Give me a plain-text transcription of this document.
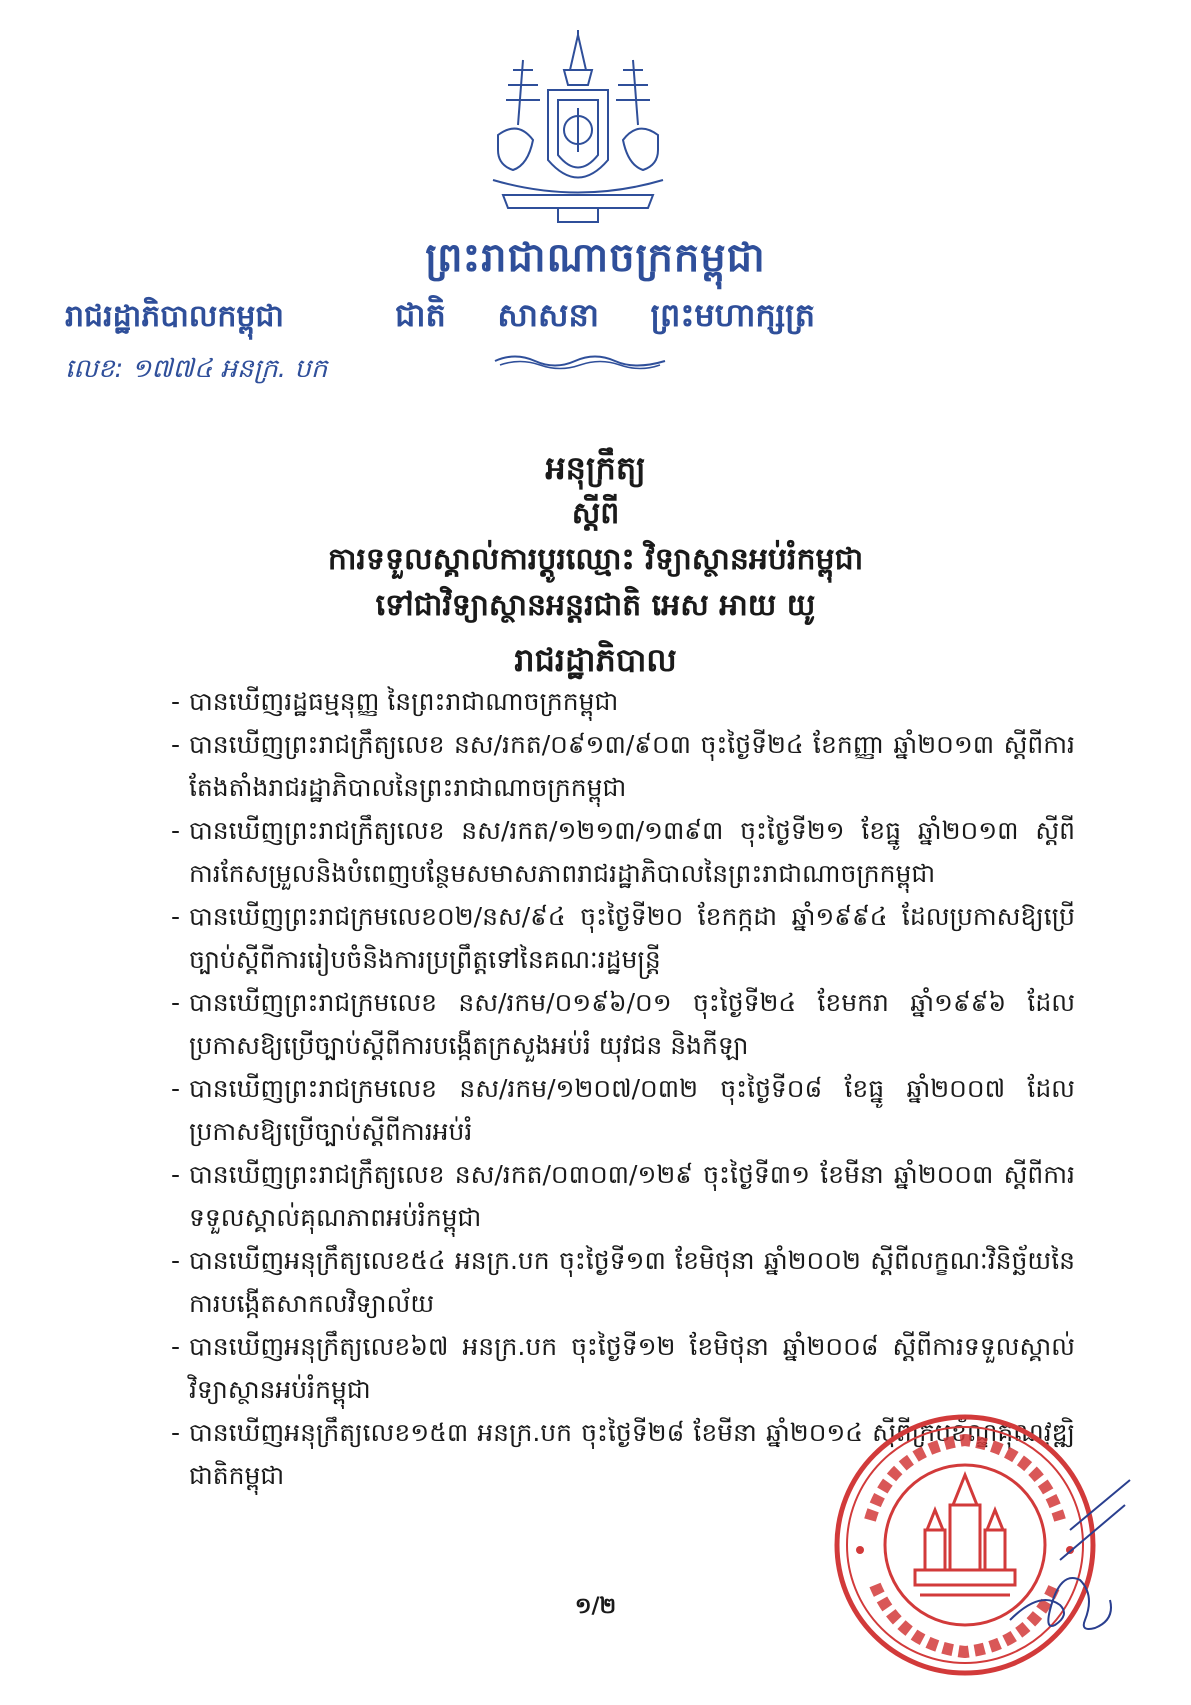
ព្រះរាជាណាចក្រកម្ពុជា
រាជរដ្ឋាភិបាលកម្ពុជា	ជាតិ សាសនា ព្រះមហាក្សត្រ
លេខ: ១៧៧៤ អនក្រ. បក
អនុក្រឹត្យ
ស្តីពី
ការទទួលស្គាល់ការប្តូរឈ្មោះ វិទ្យាស្ថានអប់រំកម្ពុជា
ទៅជាវិទ្យាស្ថានអន្តរជាតិ អេស អាយ យូ
រាជរដ្ឋាភិបាល

- បានឃើញរដ្ឋធម្មនុញ្ញ នៃព្រះរាជាណាចក្រកម្ពុជា

- បានឃើញព្រះរាជក្រឹត្យលេខ នស/រកត/០៩១៣/៩០៣ ចុះថ្ងៃទី២៤ ខែកញ្ញា ឆ្នាំ២០១៣ ស្តីពីការតែងតាំងរាជរដ្ឋាភិបាលនៃព្រះរាជាណាចក្រកម្ពុជា

- បានឃើញព្រះរាជក្រឹត្យលេខ នស/រកត/១២១៣/១៣៩៣ ចុះថ្ងៃទី២១ ខែធ្នូ ឆ្នាំ២០១៣ ស្តីពីការកែសម្រួលនិងបំពេញបន្ថែមសមាសភាពរាជរដ្ឋាភិបាលនៃព្រះរាជាណាចក្រកម្ពុជា

- បានឃើញព្រះរាជក្រមលេខ០២/នស/៩៤ ចុះថ្ងៃទី២០ ខែកក្កដា ឆ្នាំ១៩៩៤ ដែលប្រកាសឱ្យប្រើច្បាប់ស្តីពីការរៀបចំនិងការប្រព្រឹត្តទៅនៃគណៈរដ្ឋមន្ត្រី

- បានឃើញព្រះរាជក្រមលេខ នស/រកម/០១៩៦/០១ ចុះថ្ងៃទី២៤ ខែមករា ឆ្នាំ១៩៩៦ ដែលប្រកាសឱ្យប្រើច្បាប់ស្តីពីការបង្កើតក្រសួងអប់រំ យុវជន និងកីឡា

- បានឃើញព្រះរាជក្រមលេខ នស/រកម/១២០៧/០៣២ ចុះថ្ងៃទី០៨ ខែធ្នូ ឆ្នាំ២០០៧ ដែលប្រកាសឱ្យប្រើច្បាប់ស្តីពីការអប់រំ

- បានឃើញព្រះរាជក្រឹត្យលេខ នស/រកត/០៣០៣/១២៩ ចុះថ្ងៃទី៣១ ខែមីនា ឆ្នាំ២០០៣ ស្តីពីការទទួលស្គាល់គុណភាពអប់រំកម្ពុជា

- បានឃើញអនុក្រឹត្យលេខ៥៤ អនក្រ.បក ចុះថ្ងៃទី១៣ ខែមិថុនា ឆ្នាំ២០០២ ស្តីពីលក្ខណៈវិនិច្ឆ័យនៃការបង្កើតសាកលវិទ្យាល័យ

- បានឃើញអនុក្រឹត្យលេខ៦៧ អនក្រ.បក ចុះថ្ងៃទី១២ ខែមិថុនា ឆ្នាំ២០០៨ ស្តីពីការទទួលស្គាល់វិទ្យាស្ថានអប់រំកម្ពុជា

- បានឃើញអនុក្រឹត្យលេខ១៥៣ អនក្រ.បក ចុះថ្ងៃទី២៨ ខែមីនា ឆ្នាំ២០១៤ ស្តីពីក្របខ័ណ្ឌគុណវុឌ្ឍិជាតិកម្ពុជា

១/២
